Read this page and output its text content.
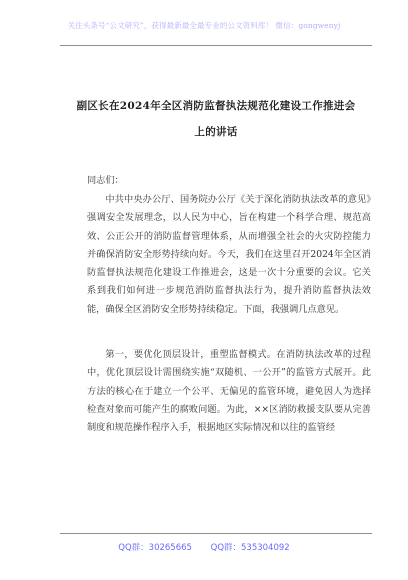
关注头条号“公文研究”，获得最新最全最专业的公文资料库！ 微信：gongwenyj
副区长在2024年全区消防监督执法规范化建设工作推进会
上的讲话
同志们：

中共中央办公厅、国务院办公厅《关于深化消防执法改革的意见》强调安全发展理念，以人民为中心，旨在构建一个科学合理、规范高效、公正公开的消防监督管理体系，从而增强全社会的火灾防控能力并确保消防安全形势持续向好。今天，我们在这里召开2024年全区消防监督执法规范化建设工作推进会，这是一次十分重要的会议。它关系到我们如何进一步规范消防监督执法行为，提升消防监督执法效能，确保全区消防安全形势持续稳定。下面，我强调几点意见。

第一，要优化顶层设计，重塑监督模式。在消防执法改革的过程中，优化顶层设计需围绕实施“双随机、一公开”的监管方式展开。此方法的核心在于建立一个公平、无偏见的监管环境，避免因人为选择检查对象而可能产生的腐败问题。为此，××区消防救援支队要从完善制度和规范操作程序入手，根据地区实际情况和以往的监管经

QQ群：30265665 QQ群：535304092
